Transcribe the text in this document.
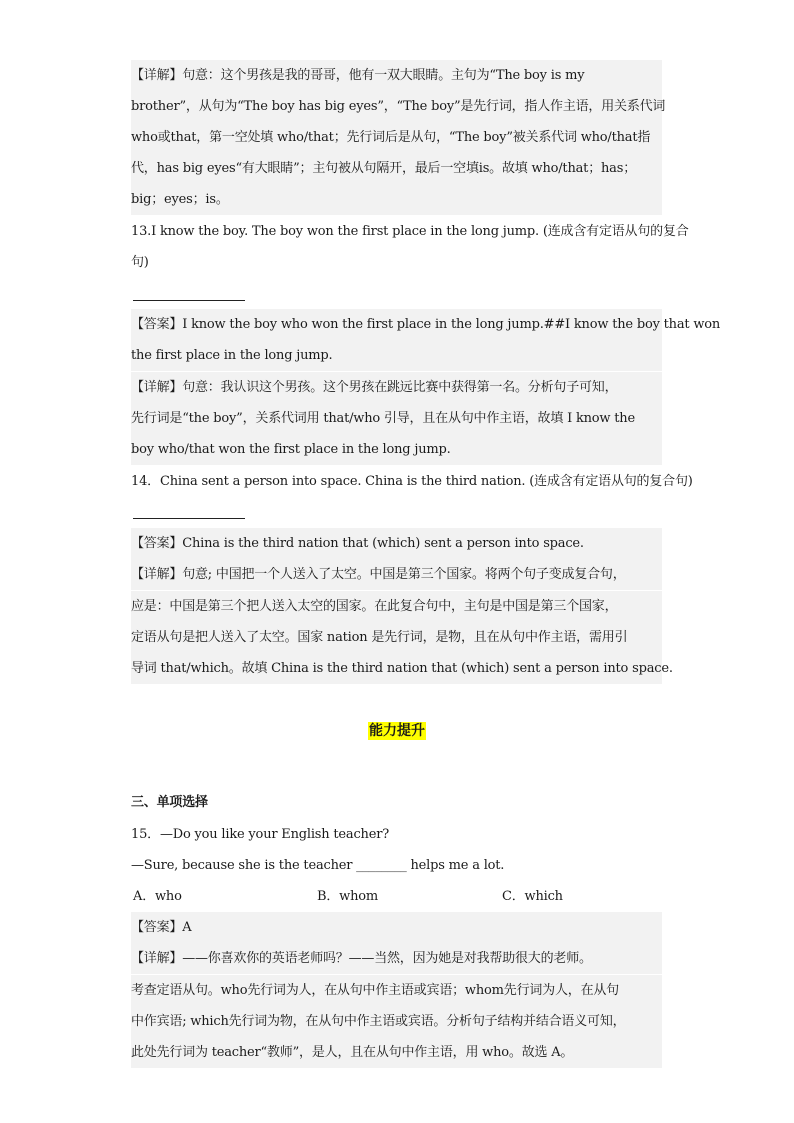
【详解】句意：这个男孩是我的哥哥，他有一双大眼睛。主句为“The boy is my
brother”，从句为“The boy has big eyes”，“The boy”是先行词，指人作主语，用关系代词
who或that，第一空处填 who/that；先行词后是从句，“The boy”被关系代词 who/that指
代，has big eyes“有大眼睛”；主句被从句隔开，最后一空填is。故填 who/that；has；
big；eyes；is。
13.I know the boy. The boy won the first place in the long jump. (连成含有定语从句的复合
句)
【答案】I know the boy who won the first place in the long jump.##I know the boy that won
the first place in the long jump.
【详解】句意：我认识这个男孩。这个男孩在跳远比赛中获得第一名。分析句子可知，
先行词是“the boy”，关系代词用 that/who 引导，且在从句中作主语，故填 I know the
boy who/that won the first place in the long jump.
14．China sent a person into space. China is the third nation. (连成含有定语从句的复合句)
【答案】China is the third nation that (which) sent a person into space.
【详解】句意; 中国把一个人送入了太空。中国是第三个国家。将两个句子变成复合句，
应是：中国是第三个把人送入太空的国家。在此复合句中，主句是中国是第三个国家，
定语从句是把人送入了太空。国家 nation 是先行词，是物，且在从句中作主语，需用引
导词 that/which。故填 China is the third nation that (which) sent a person into space.
能力提升
三、单项选择
15．—Do you like your English teacher?
—Sure, because she is the teacher ________ helps me a lot.
A．who	B．whom	C．which
【答案】A
【详解】——你喜欢你的英语老师吗？——当然，因为她是对我帮助很大的老师。
考查定语从句。who先行词为人，在从句中作主语或宾语；whom先行词为人，在从句
中作宾语; which先行词为物，在从句中作主语或宾语。分析句子结构并结合语义可知，
此处先行词为 teacher“教师”，是人，且在从句中作主语，用 who。故选 A。
